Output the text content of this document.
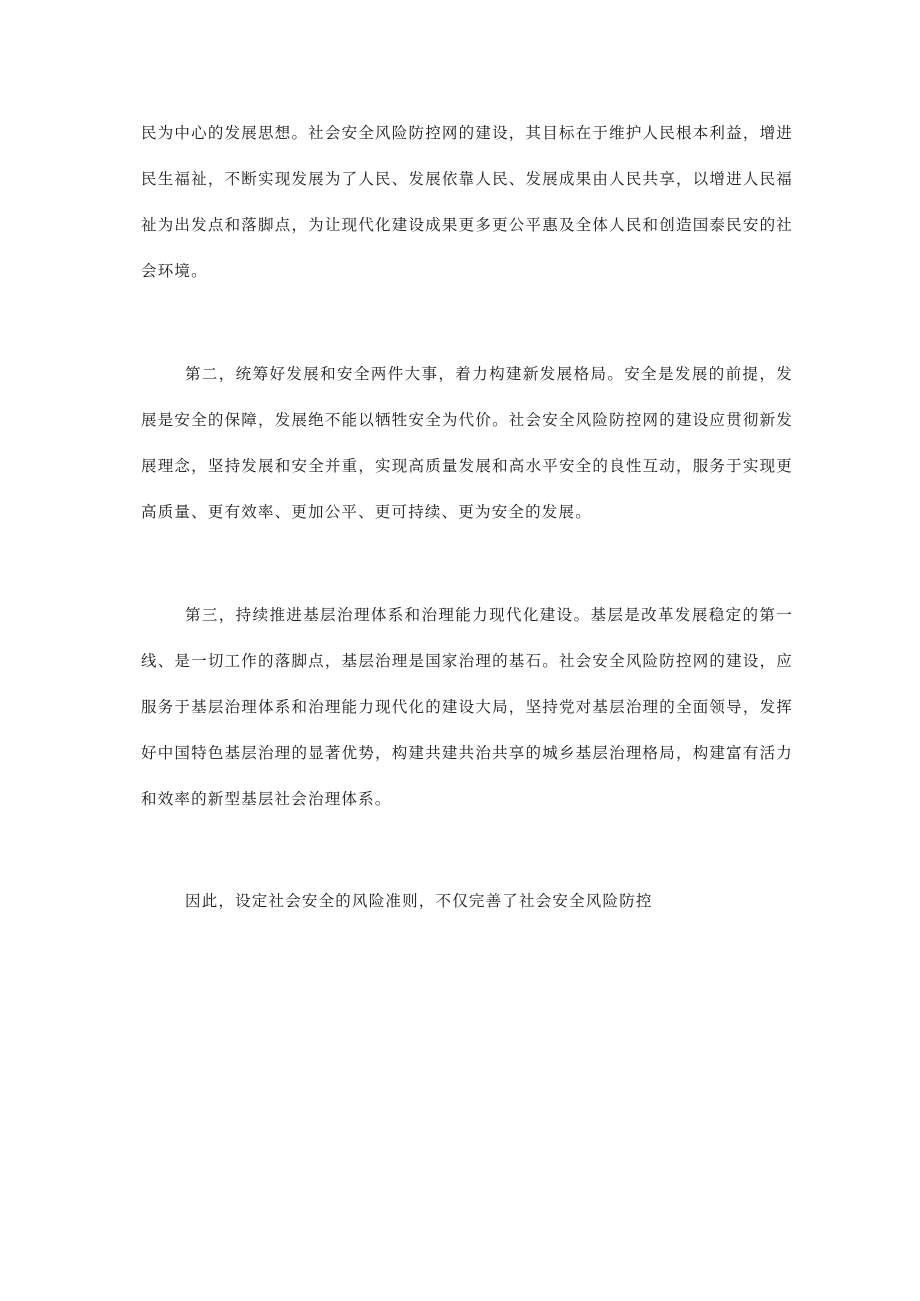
民为中心的发展思想。社会安全风险防控网的建设，其目标在于维护人民根本利益，增进民生福祉，不断实现发展为了人民、发展依靠人民、发展成果由人民共享，以增进人民福祉为出发点和落脚点，为让现代化建设成果更多更公平惠及全体人民和创造国泰民安的社会环境。

第二，统筹好发展和安全两件大事，着力构建新发展格局。安全是发展的前提，发展是安全的保障，发展绝不能以牺牲安全为代价。社会安全风险防控网的建设应贯彻新发展理念，坚持发展和安全并重，实现高质量发展和高水平安全的良性互动，服务于实现更高质量、更有效率、更加公平、更可持续、更为安全的发展。

第三，持续推进基层治理体系和治理能力现代化建设。基层是改革发展稳定的第一线、是一切工作的落脚点，基层治理是国家治理的基石。社会安全风险防控网的建设，应服务于基层治理体系和治理能力现代化的建设大局，坚持党对基层治理的全面领导，发挥好中国特色基层治理的显著优势，构建共建共治共享的城乡基层治理格局，构建富有活力和效率的新型基层社会治理体系。

因此，设定社会安全的风险准则，不仅完善了社会安全风险防控
